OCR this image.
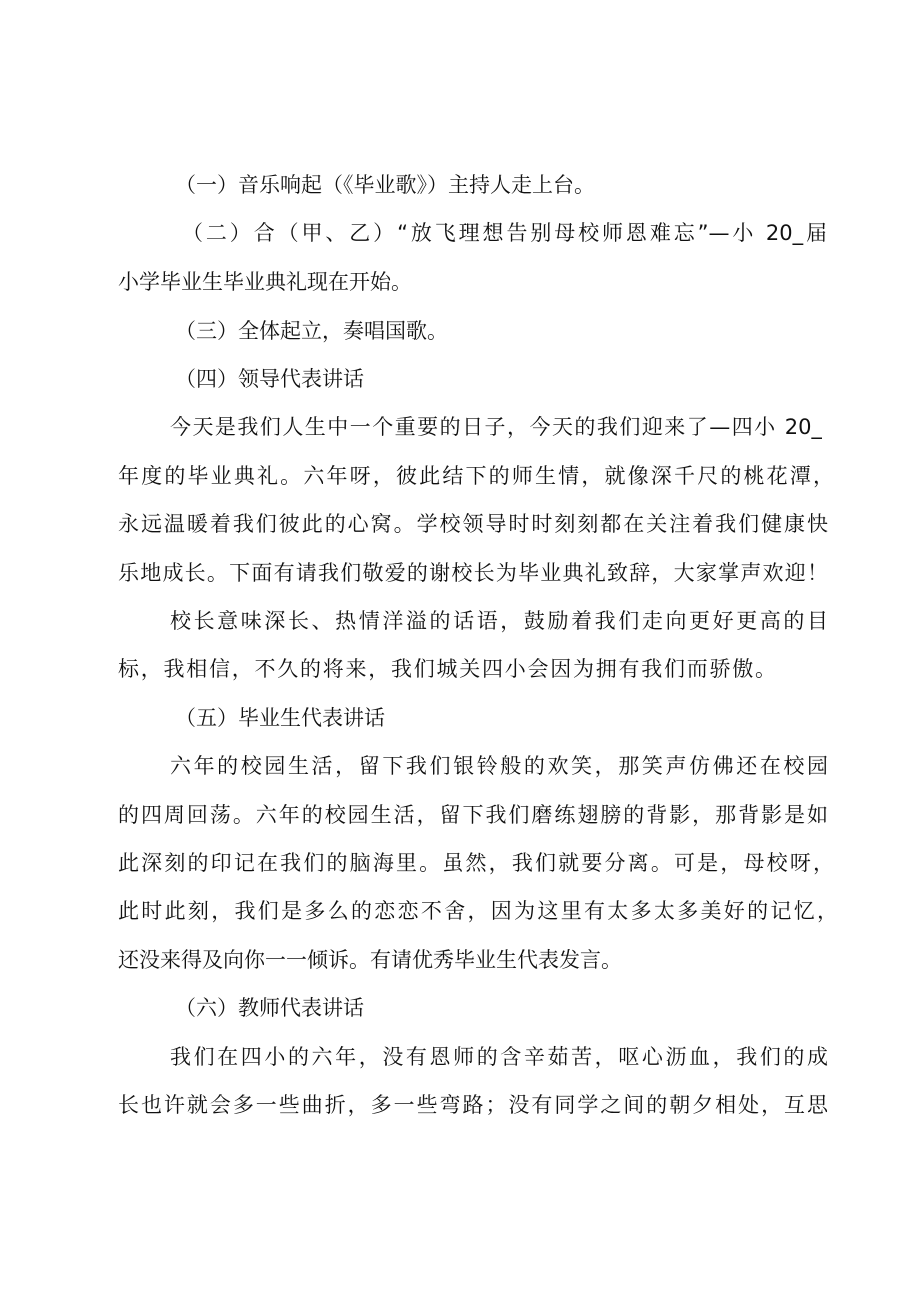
（一）音乐响起（《毕业歌》）主持人走上台。
（二）合（甲、乙）“放飞理想告别母校师恩难忘”—小 20_届
小学毕业生毕业典礼现在开始。
（三）全体起立，奏唱国歌。
（四）领导代表讲话
今天是我们人生中一个重要的日子，今天的我们迎来了—四小 20_
年度的毕业典礼。六年呀，彼此结下的师生情，就像深千尺的桃花潭，
永远温暖着我们彼此的心窝。学校领导时时刻刻都在关注着我们健康快
乐地成长。下面有请我们敬爱的谢校长为毕业典礼致辞，大家掌声欢迎！
校长意味深长、热情洋溢的话语，鼓励着我们走向更好更高的目
标，我相信，不久的将来，我们城关四小会因为拥有我们而骄傲。
（五）毕业生代表讲话
六年的校园生活，留下我们银铃般的欢笑，那笑声仿佛还在校园
的四周回荡。六年的校园生活，留下我们磨练翅膀的背影，那背影是如
此深刻的印记在我们的脑海里。虽然，我们就要分离。可是，母校呀，
此时此刻，我们是多么的恋恋不舍，因为这里有太多太多美好的记忆，
还没来得及向你一一倾诉。有请优秀毕业生代表发言。
（六）教师代表讲话
我们在四小的六年，没有恩师的含辛茹苦，呕心沥血，我们的成
长也许就会多一些曲折，多一些弯路；没有同学之间的朝夕相处，互思
